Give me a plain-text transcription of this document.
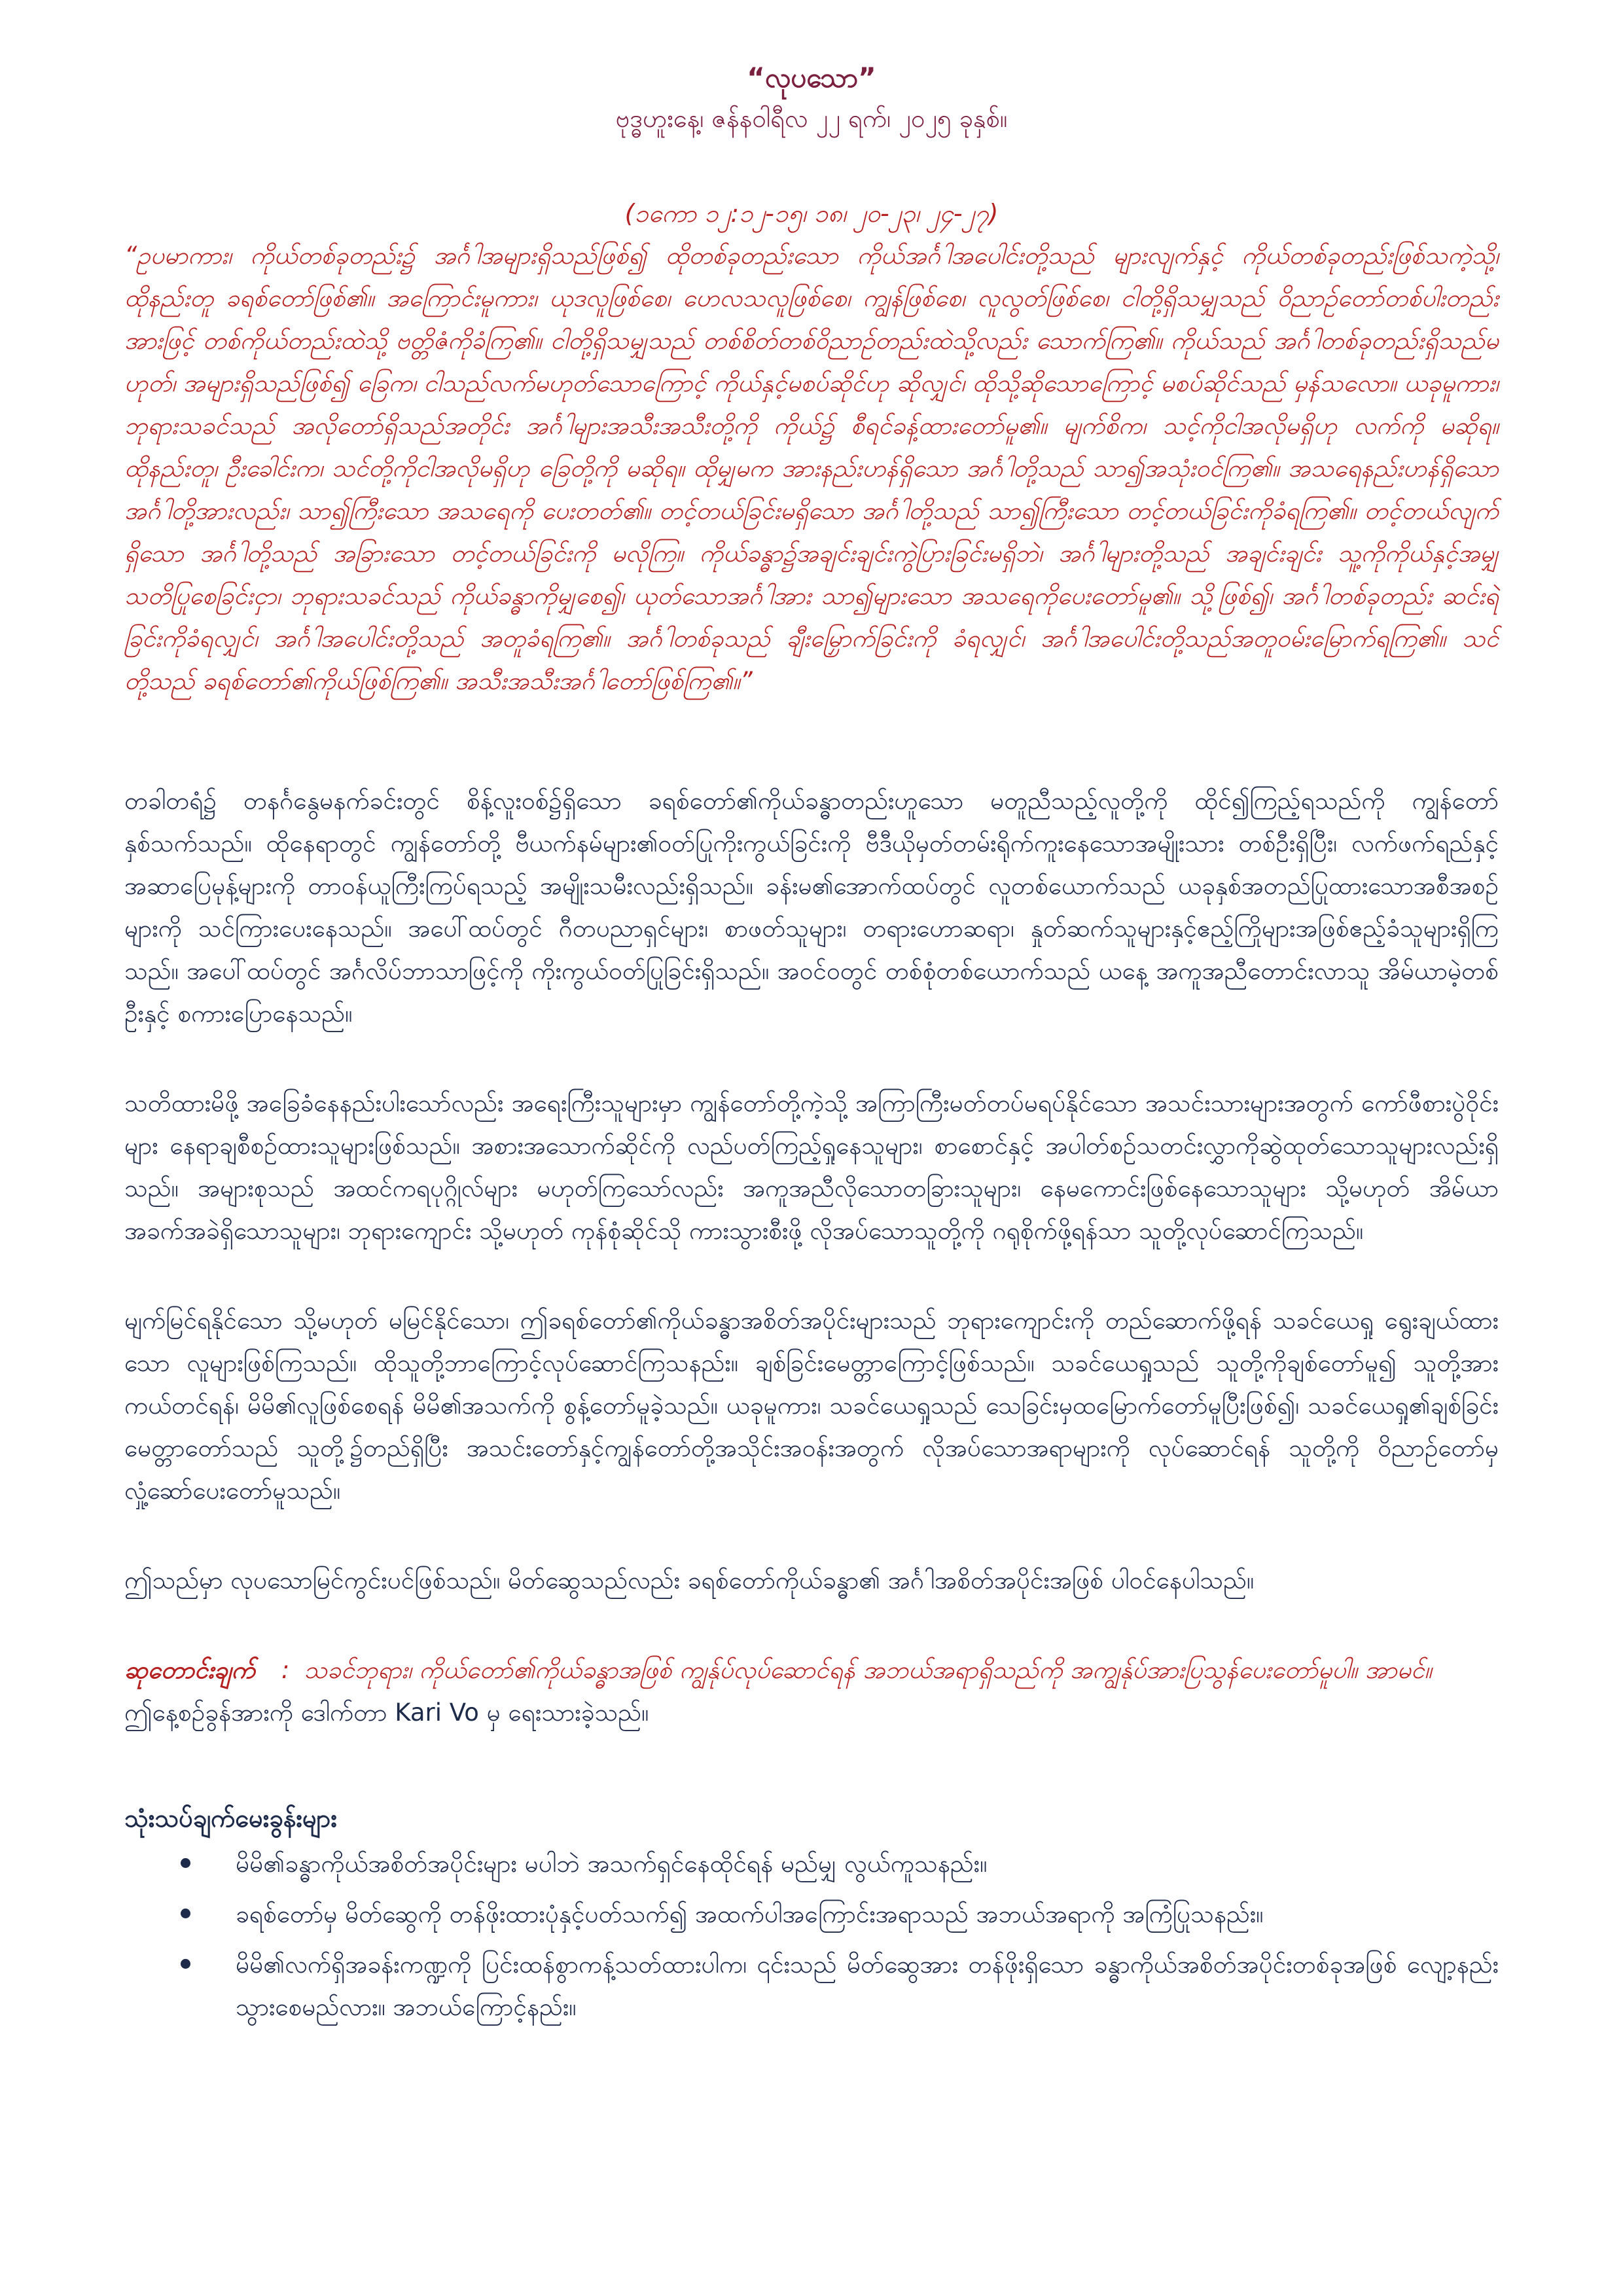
“လုပသော”

ဗုဒ္ဓဟူးနေ့၊ ဇန်နဝါရီလ ၂၂ ရက်၊ ၂၀၂၅ ခုနှစ်။

(၁ကော ၁၂:၁၂-၁၅၊ ၁၈၊ ၂၀-၂၃၊ ၂၄-၂၇)

“ဥပမာကား၊ ကိုယ်တစ်ခုတည်း၌ အင်္ဂါအများရှိသည်ဖြစ်၍ ထိုတစ်ခုတည်းသော ကိုယ်အင်္ဂါအပေါင်းတို့သည် များလျက်နှင့် ကိုယ်တစ်ခုတည်းဖြစ်သကဲ့သို့၊ ထိုနည်းတူ ခရစ်တော်ဖြစ်၏။ အကြောင်းမူကား၊ ယုဒလူဖြစ်စေ၊ ဟေလသလူဖြစ်စေ၊ ကျွန်ဖြစ်စေ၊ လူလွတ်ဖြစ်စေ၊ ငါတို့ရှိသမျှသည် ဝိညာဉ်တော်တစ်ပါးတည်းအားဖြင့် တစ်ကိုယ်တည်းထဲသို့ ဗတ္တိဇံကိုခံကြ၏။ ငါတို့ရှိသမျှသည် တစ်စိတ်တစ်ဝိညာဉ်တည်းထဲသို့လည်း သောက်ကြ၏။ ကိုယ်သည် အင်္ဂါတစ်ခုတည်းရှိသည်မဟုတ်၊ အများရှိသည်ဖြစ်၍ ခြေက၊ ငါသည်လက်မဟုတ်သောကြောင့် ကိုယ်နှင့်မစပ်ဆိုင်ဟု ဆိုလျှင်၊ ထိုသို့ဆိုသောကြောင့် မစပ်ဆိုင်သည် မှန်သလော။ ယခုမူကား၊ ဘုရားသခင်သည် အလိုတော်ရှိသည်အတိုင်း အင်္ဂါများအသီးအသီးတို့ကို ကိုယ်၌ စီရင်ခန့်ထားတော်မူ၏။ မျက်စိက၊ သင့်ကိုငါအလိုမရှိဟု လက်ကို မဆိုရ။ ထိုနည်းတူ၊ ဦးခေါင်းက၊ သင်တို့ကိုငါအလိုမရှိဟု ခြေတို့ကို မဆိုရ။ ထိုမျှမက အားနည်းဟန်ရှိသော အင်္ဂါတို့သည် သာ၍အသုံးဝင်ကြ၏။ အသရေနည်းဟန်ရှိသော အင်္ဂါတို့အားလည်း၊ သာ၍ကြီးသော အသရေကို ပေးတတ်၏။ တင့်တယ်ခြင်းမရှိသော အင်္ဂါတို့သည် သာ၍ကြီးသော တင့်တယ်ခြင်းကိုခံရကြ၏။ တင့်တယ်လျက်ရှိသော အင်္ဂါတို့သည် အခြားသော တင့်တယ်ခြင်းကို မလိုကြ။ ကိုယ်ခန္ဓာ၌အချင်းချင်းကွဲပြားခြင်းမရှိဘဲ၊ အင်္ဂါများတို့သည် အချင်းချင်း သူ့ကိုကိုယ်နှင့်အမျှ သတိပြုစေခြင်းငှာ၊ ဘုရားသခင်သည် ကိုယ်ခန္ဓာကိုမျှစေ၍၊ ယုတ်သောအင်္ဂါအား သာ၍များသော အသရေကိုပေးတော်မူ၏။ သို့ဖြစ်၍၊ အင်္ဂါတစ်ခုတည်း ဆင်းရဲခြင်းကိုခံရလျှင်၊ အင်္ဂါအပေါင်းတို့သည် အတူခံရကြ၏။ အင်္ဂါတစ်ခုသည် ချီးမြှောက်ခြင်းကို ခံရလျှင်၊ အင်္ဂါအပေါင်းတို့သည်အတူဝမ်းမြောက်ရကြ၏။ သင်တို့သည် ခရစ်တော်၏ကိုယ်ဖြစ်ကြ၏။ အသီးအသီးအင်္ဂါတော်ဖြစ်ကြ၏။”

တခါတရံ၌ တနင်္ဂနွေမနက်ခင်းတွင် စိန့်လူးဝစ်၌ရှိသော ခရစ်တော်၏ကိုယ်ခန္ဓာတည်းဟူသော မတူညီသည့်လူတို့ကို ထိုင်၍ကြည့်ရသည်ကို ကျွန်တော်နှစ်သက်သည်။ ထိုနေရာတွင် ကျွန်တော်တို့ ဗီယက်နမ်များ၏ဝတ်ပြုကိုးကွယ်ခြင်းကို ဗီဒီယိုမှတ်တမ်းရိုက်ကူးနေသောအမျိုးသား တစ်ဦးရှိပြီး၊ လက်ဖက်ရည်နှင့်အဆာပြေမုန့်များကို တာဝန်ယူကြီးကြပ်ရသည့် အမျိုးသမီးလည်းရှိသည်။ ခန်းမ၏အောက်ထပ်တွင် လူတစ်ယောက်သည် ယခုနှစ်အတည်ပြုထားသောအစီအစဉ်များကို သင်ကြားပေးနေသည်။ အပေါ်ထပ်တွင် ဂီတပညာရှင်များ၊ စာဖတ်သူများ၊ တရားဟောဆရာ၊ နှုတ်ဆက်သူများနှင့်ဧည့်ကြိုများအဖြစ်ဧည့်ခံသူများရှိကြသည်။ အပေါ်ထပ်တွင် အင်္ဂလိပ်ဘာသာဖြင့်ကို ကိုးကွယ်ဝတ်ပြုခြင်းရှိသည်။ အဝင်ဝတွင် တစ်စုံတစ်ယောက်သည် ယနေ့ အကူအညီတောင်းလာသူ အိမ်ယာမဲ့တစ်ဦးနှင့် စကားပြောနေသည်။

သတိထားမိဖို့ အခြေခံနေနည်းပါးသော်လည်း အရေးကြီးသူများမှာ ကျွန်တော်တို့ကဲ့သို့ အကြာကြီးမတ်တပ်မရပ်နိုင်သော အသင်းသားများအတွက် ကော်ဖီစားပွဲဝိုင်းများ နေရာချစီစဉ်ထားသူများဖြစ်သည်။ အစားအသောက်ဆိုင်ကို လည်ပတ်ကြည့်ရှုနေသူများ၊ စာစောင်နှင့် အပါတ်စဉ်သတင်းလွှာကိုဆွဲထုတ်သောသူများလည်းရှိသည်။ အများစုသည် အထင်ကရပုဂ္ဂိုလ်များ မဟုတ်ကြသော်လည်း အကူအညီလိုသောတခြားသူများ၊ နေမကောင်းဖြစ်နေသောသူများ သို့မဟုတ် အိမ်ယာအခက်အခဲရှိသောသူများ၊ ဘုရားကျောင်း သို့မဟုတ် ကုန်စုံဆိုင်သို ကားသွားစီးဖို့ လိုအပ်သောသူတို့ကို ဂရုစိုက်ဖို့ရန်သာ သူတို့လုပ်ဆောင်ကြသည်။

မျက်မြင်ရနိုင်သော သို့မဟုတ် မမြင်နိုင်သော၊ ဤခရစ်တော်၏ကိုယ်ခန္ဓာအစိတ်အပိုင်းများသည် ဘုရားကျောင်းကို တည်ဆောက်ဖို့ရန် သခင်ယေရှု ရွေးချယ်ထားသော လူများဖြစ်ကြသည်။ ထိုသူတို့ဘာကြောင့်လုပ်ဆောင်ကြသနည်း။ ချစ်ခြင်းမေတ္တာကြောင့်ဖြစ်သည်။ သခင်ယေရှုသည် သူတို့ကိုချစ်တော်မူ၍ သူတို့အား ကယ်တင်ရန်၊ မိမိ၏လူဖြစ်စေရန် မိမိ၏အသက်ကို စွန့်တော်မူခဲ့သည်။ ယခုမူကား၊ သခင်ယေရှုသည် သေခြင်းမှထမြောက်တော်မူပြီးဖြစ်၍၊ သခင်ယေရှု၏ချစ်ခြင်းမေတ္တာတော်သည် သူတို့၌တည်ရှိပြီး အသင်းတော်နှင့်ကျွန်တော်တို့အသိုင်းအဝန်းအတွက် လိုအပ်သောအရာများကို လုပ်ဆောင်ရန် သူတို့ကို ဝိညာဉ်တော်မှ လှုံ့ဆော်ပေးတော်မူသည်။

ဤသည်မှာ လုပသောမြင်ကွင်းပင်ဖြစ်သည်။ မိတ်ဆွေသည်လည်း ခရစ်တော်ကိုယ်ခန္ဓာ၏ အင်္ဂါအစိတ်အပိုင်းအဖြစ် ပါဝင်နေပါသည်။

ဆုတောင်းချက် : သခင်ဘုရား၊ ကိုယ်တော်၏ကိုယ်ခန္ဓာအဖြစ် ကျွန်ုပ်လုပ်ဆောင်ရန် အဘယ်အရာရှိသည်ကို အကျွန်ုပ်အားပြသွန်ပေးတော်မူပါ။ အာမင်။

ဤနေ့စဉ်ခွန်အားကို ဒေါက်တာ Kari Vo မှ ရေးသားခဲ့သည်။

သုံးသပ်ချက်မေးခွန်းများ
မိမိ၏ခန္ဓာကိုယ်အစိတ်အပိုင်းများ မပါဘဲ အသက်ရှင်နေထိုင်ရန် မည်မျှ လွယ်ကူသနည်း။
ခရစ်တော်မှ မိတ်ဆွေကို တန်ဖိုးထားပုံနှင့်ပတ်သက်၍ အထက်ပါအကြောင်းအရာသည် အဘယ်အရာကို အကြံပြုသနည်း။
မိမိ၏လက်ရှိအခန်းကဏ္ဍကို ပြင်းထန်စွာကန့်သတ်ထားပါက၊ ၎င်းသည် မိတ်ဆွေအား တန်ဖိုးရှိသော ခန္ဓာကိုယ်အစိတ်အပိုင်းတစ်ခုအဖြစ် လျော့နည်းသွားစေမည်လား။ အဘယ်ကြောင့်နည်း။
